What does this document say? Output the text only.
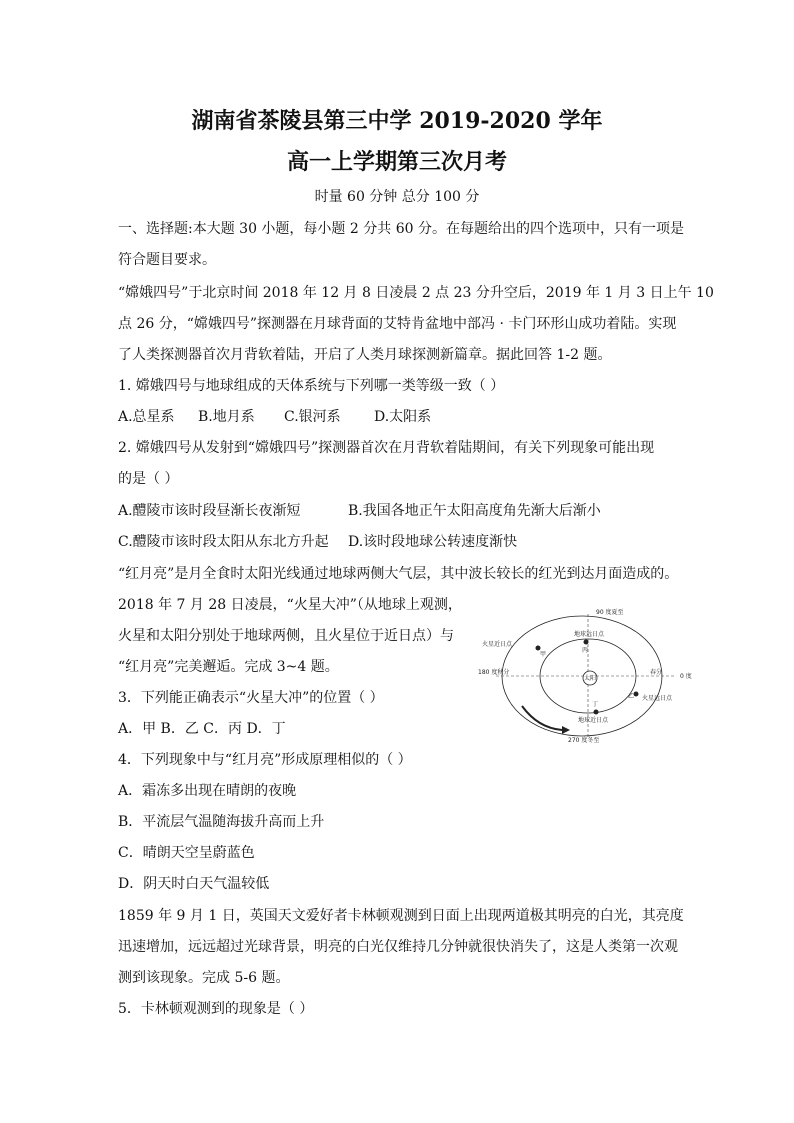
湖南省茶陵县第三中学 2019-2020 学年
高一上学期第三次月考
时量 60 分钟 总分 100 分
一、选择题:本大题 30 小题，每小题 2 分共 60 分。在每题给出的四个选项中，只有一项是
符合题目要求。
“嫦娥四号”于北京时间 2018 年 12 月 8 日凌晨 2 点 23 分升空后，2019 年 1 月 3 日上午 10
点 26 分，“嫦娥四号”探测器在月球背面的艾特肯盆地中部冯 · 卡门环形山成功着陆。实现
了人类探测器首次月背软着陆，开启了人类月球探测新篇章。据此回答 1-2 题。
1. 嫦娥四号与地球组成的天体系统与下列哪一类等级一致（ ）
A.总星系 B.地月系 C.银河系 D.太阳系
2. 嫦娥四号从发射到“嫦娥四号”探测器首次在月背软着陆期间，有关下列现象可能出现
的是（ ）
A.醴陵市该时段昼渐长夜渐短	B.我国各地正午太阳高度角先渐大后渐小
C.醴陵市该时段太阳从东北方升起 D.该时段地球公转速度渐快
“红月亮”是月全食时太阳光线通过地球两侧大气层，其中波长较长的红光到达月面造成的。
2018 年 7 月 28 日凌晨，“火星大冲”（从地球上观测，
火星和太阳分别处于地球两侧，且火星位于近日点）与
“红月亮”完美邂逅。完成 3~4 题。
3．下列能正确表示“火星大冲”的位置（ ）
A．甲 B．乙 C．丙 D．丁
4．下列现象中与“红月亮”形成原理相似的（ ）
A．霜冻多出现在晴朗的夜晚
B．平流层气温随海拔升高而上升
C．晴朗天空呈蔚蓝色
D．阴天时白天气温较低
1859 年 9 月 1 日，英国天文爱好者卡林顿观测到日面上出现两道极其明亮的白光，其亮度
迅速增加，远远超过光球背景，明亮的白光仅维持几分钟就很快消失了，这是人类第一次观
测到该现象。完成 5-6 题。
5．卡林顿观测到的现象是（ ）
太阳
90 度夏至
地球远日点
火星近日点
甲
丙
180 度秋分	春分
0 度
乙 火星远日点
丁
地球近日点
270 度冬至
